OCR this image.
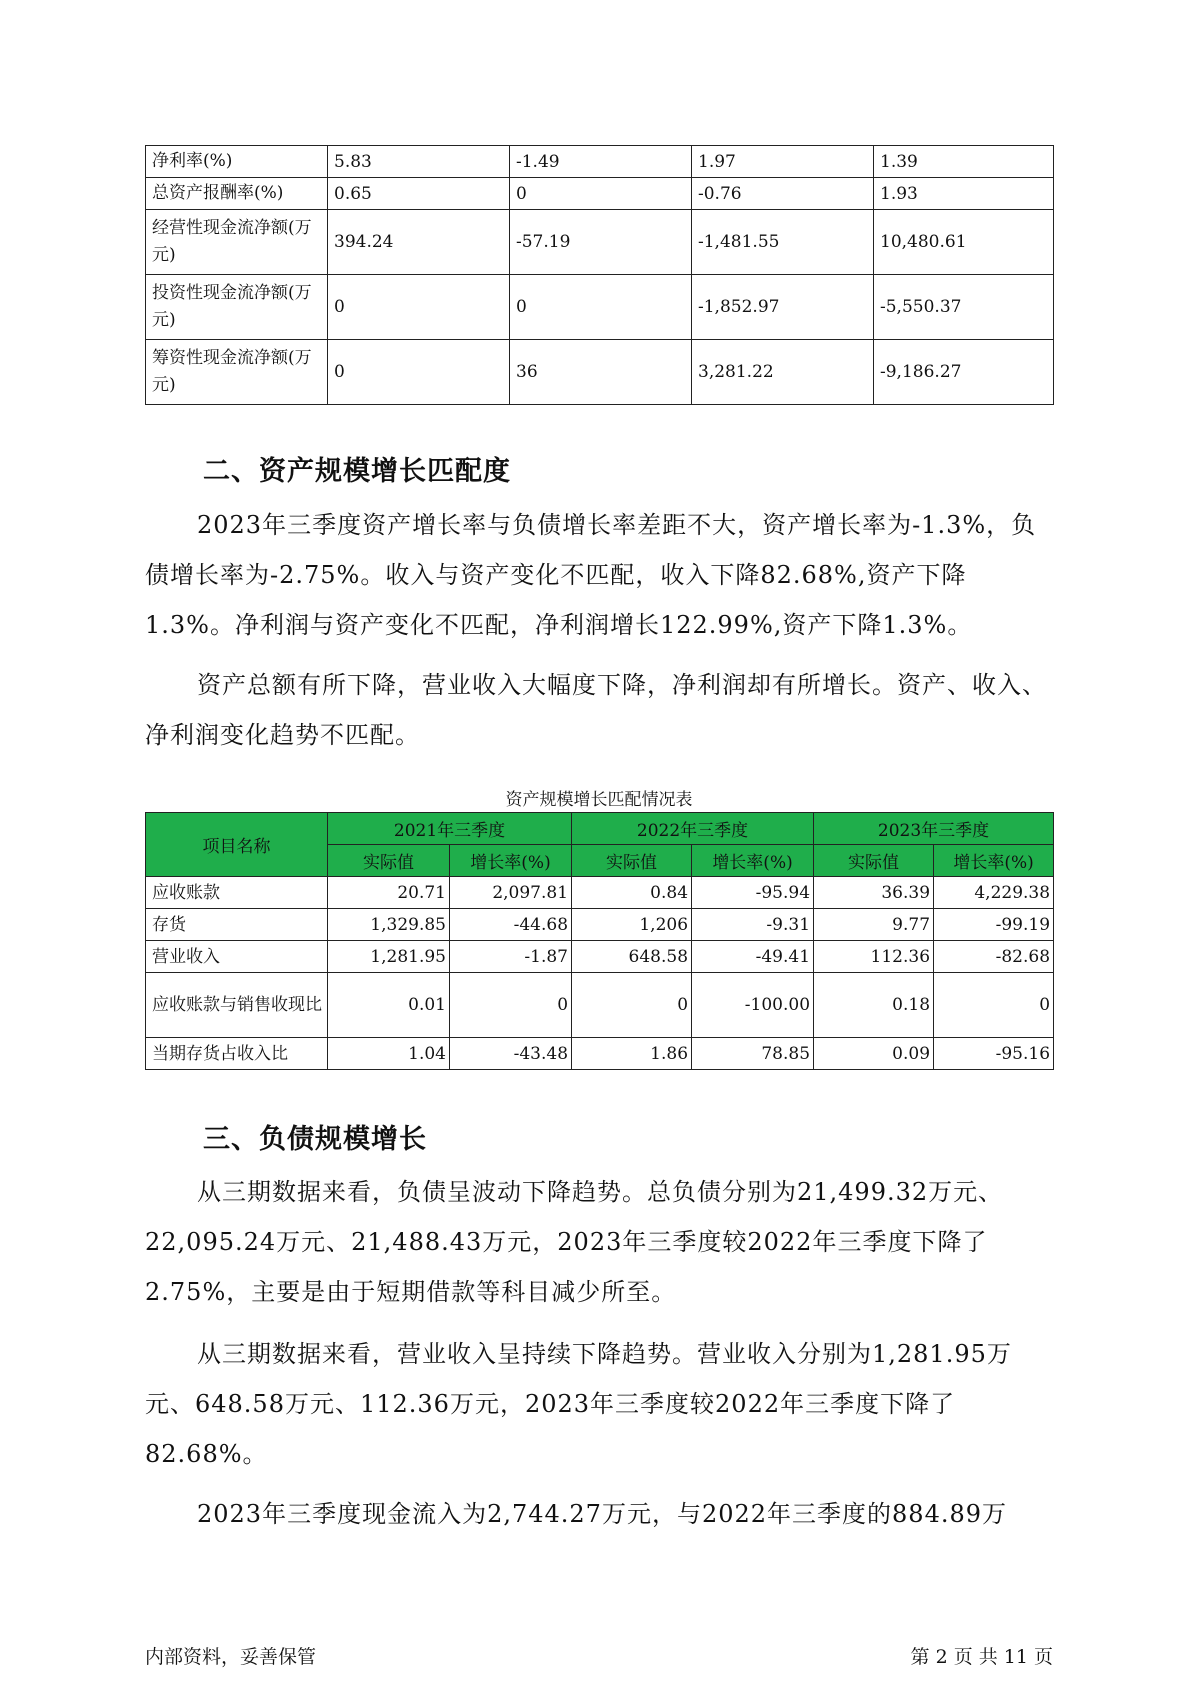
净利率(%)	5.83	-1.49	1.97	1.39
总资产报酬率(%)	0.65	0	-0.76	1.93
经营性现金流净额(万元)	394.24	-57.19	-1,481.55	10,480.61
投资性现金流净额(万元)	0	0	-1,852.97	-5,550.37
筹资性现金流净额(万元)	0	36	3,281.22	-9,186.27
二、资产规模增长匹配度

2023年三季度资产增长率与负债增长率差距不大，资产增长率为-1.3%，负债增长率为-2.75%。收入与资产变化不匹配，收入下降82.68%,资产下降1.3%。净利润与资产变化不匹配，净利润增长122.99%,资产下降1.3%。

资产总额有所下降，营业收入大幅度下降，净利润却有所增长。资产、收入、净利润变化趋势不匹配。

资产规模增长匹配情况表
项目名称	2021年三季度		2022年三季度		2023年三季度	
	实际值	增长率(%)	实际值	增长率(%)	实际值	增长率(%)
应收账款	20.71	2,097.81	0.84	-95.94	36.39	4,229.38
存货	1,329.85	-44.68	1,206	-9.31	9.77	-99.19
营业收入	1,281.95	-1.87	648.58	-49.41	112.36	-82.68
应收账款与销售收现比	0.01	0	0	-100.00	0.18	0
当期存货占收入比	1.04	-43.48	1.86	78.85	0.09	-95.16
三、负债规模增长

从三期数据来看，负债呈波动下降趋势。总负债分别为21,499.32万元、22,095.24万元、21,488.43万元，2023年三季度较2022年三季度下降了2.75%，主要是由于短期借款等科目减少所至。

从三期数据来看，营业收入呈持续下降趋势。营业收入分别为1,281.95万元、648.58万元、112.36万元，2023年三季度较2022年三季度下降了82.68%。

2023年三季度现金流入为2,744.27万元，与2022年三季度的884.89万

内部资料，妥善保管	第 2 页 共 11 页
